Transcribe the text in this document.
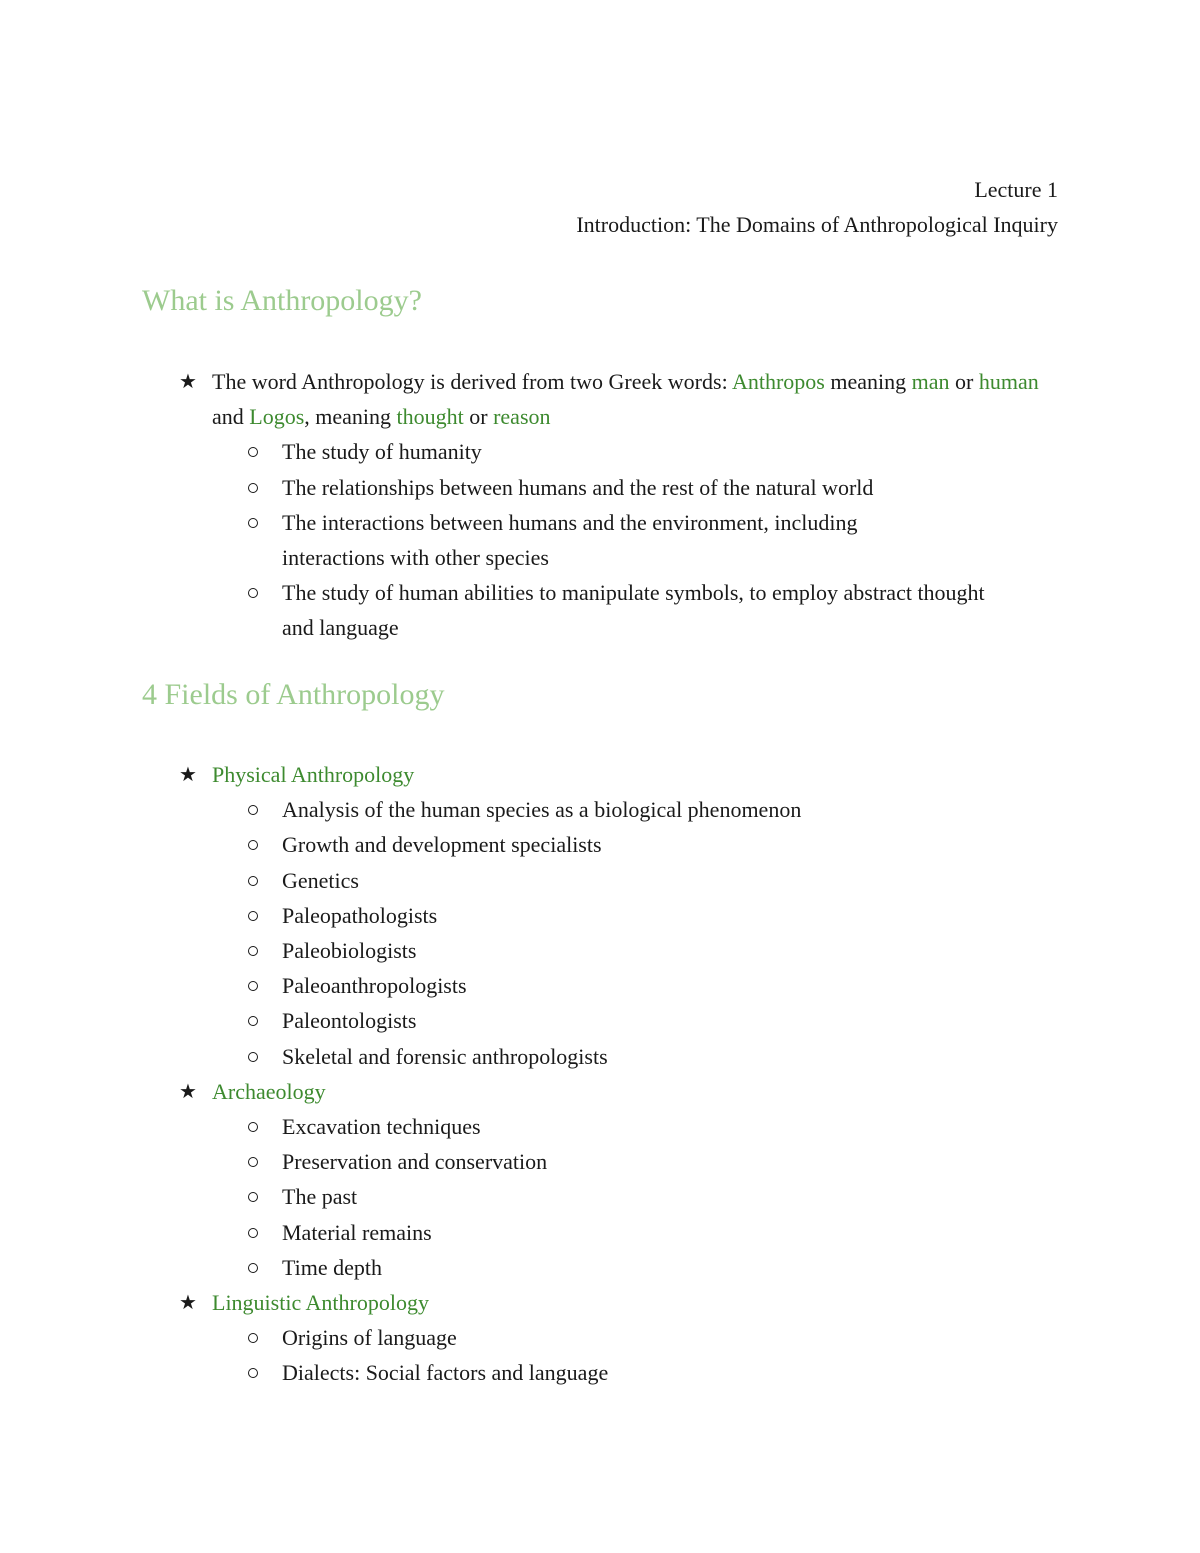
Lecture 1
Introduction: The Domains of Anthropological Inquiry
What is Anthropology?
★ The word Anthropology is derived from two Greek words: Anthropos meaning man or human and Logos, meaning thought or reason
The study of humanity
The relationships between humans and the rest of the natural world
The interactions between humans and the environment, including interactions with other species
The study of human abilities to manipulate symbols, to employ abstract thought and language
4 Fields of Anthropology
★ Physical Anthropology
Analysis of the human species as a biological phenomenon
Growth and development specialists
Genetics
Paleopathologists
Paleobiologists
Paleoanthropologists
Paleontologists
Skeletal and forensic anthropologists
★ Archaeology
Excavation techniques
Preservation and conservation
The past
Material remains
Time depth
★ Linguistic Anthropology
Origins of language
Dialects: Social factors and language
